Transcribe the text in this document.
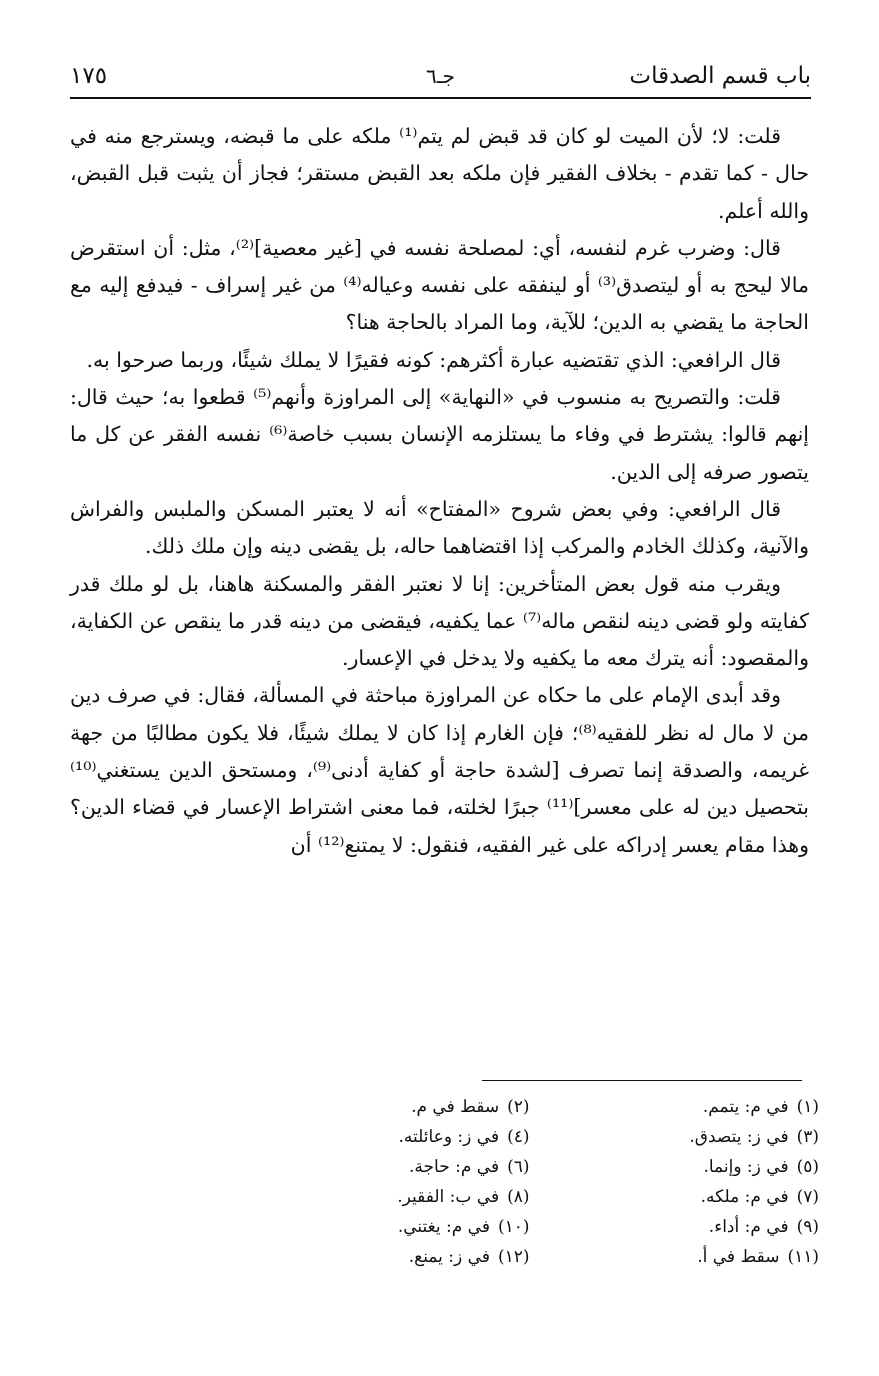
باب قسم الصدقات
جـ٦
١٧٥

قلت: لا؛ لأن الميت لو كان قد قبض لم يتم⁽¹⁾ ملكه على ما قبضه، ويسترجع منه في حال - كما تقدم - بخلاف الفقير فإن ملكه بعد القبض مستقر؛ فجاز أن يثبت قبل القبض، والله أعلم.

قال: وضرب غرم لنفسه، أي: لمصلحة نفسه في [غير معصية]⁽²⁾، مثل: أن استقرض مالا ليحج به أو ليتصدق⁽³⁾ أو لينفقه على نفسه وعياله⁽⁴⁾ من غير إسراف - فيدفع إليه مع الحاجة ما يقضي به الدين؛ للآية، وما المراد بالحاجة هنا؟

قال الرافعي: الذي تقتضيه عبارة أكثرهم: كونه فقيرًا لا يملك شيئًا، وربما صرحوا به.

قلت: والتصريح به منسوب في «النهاية» إلى المراوزة وأنهم⁽⁵⁾ قطعوا به؛ حيث قال: إنهم قالوا: يشترط في وفاء ما يستلزمه الإنسان بسبب خاصة⁽⁶⁾ نفسه الفقر عن كل ما يتصور صرفه إلى الدين.

قال الرافعي: وفي بعض شروح «المفتاح» أنه لا يعتبر المسكن والملبس والفراش والآنية، وكذلك الخادم والمركب إذا اقتضاهما حاله، بل يقضى دينه وإن ملك ذلك.

ويقرب منه قول بعض المتأخرين: إنا لا نعتبر الفقر والمسكنة هاهنا، بل لو ملك قدر كفايته ولو قضى دينه لنقص ماله⁽⁷⁾ عما يكفيه، فيقضى من دينه قدر ما ينقص عن الكفاية، والمقصود: أنه يترك معه ما يكفيه ولا يدخل في الإعسار.

وقد أبدى الإمام على ما حكاه عن المراوزة مباحثة في المسألة، فقال: في صرف دين من لا مال له نظر للفقيه⁽⁸⁾؛ فإن الغارم إذا كان لا يملك شيئًا، فلا يكون مطالبًا من جهة غريمه، والصدقة إنما تصرف [لشدة حاجة أو كفاية أدنى⁽⁹⁾، ومستحق الدين يستغني⁽¹⁰⁾ بتحصيل دين له على معسر]⁽¹¹⁾ جبرًا لخلته، فما معنى اشتراط الإعسار في قضاء الدين؟ وهذا مقام يعسر إدراكه على غير الفقيه، فنقول: لا يمتنع⁽¹²⁾ أن

(١)في م: يتمم.
(٢)سقط في م.
(٣)في ز: يتصدق.
(٤)في ز: وعائلته.
(٥)في ز: وإنما.
(٦)في م: حاجة.
(٧)في م: ملكه.
(٨)في ب: الفقير.
(٩)في م: أداء.
(١٠)في م: يغتني.
(١١)سقط في أ.
(١٢)في ز: يمنع.
